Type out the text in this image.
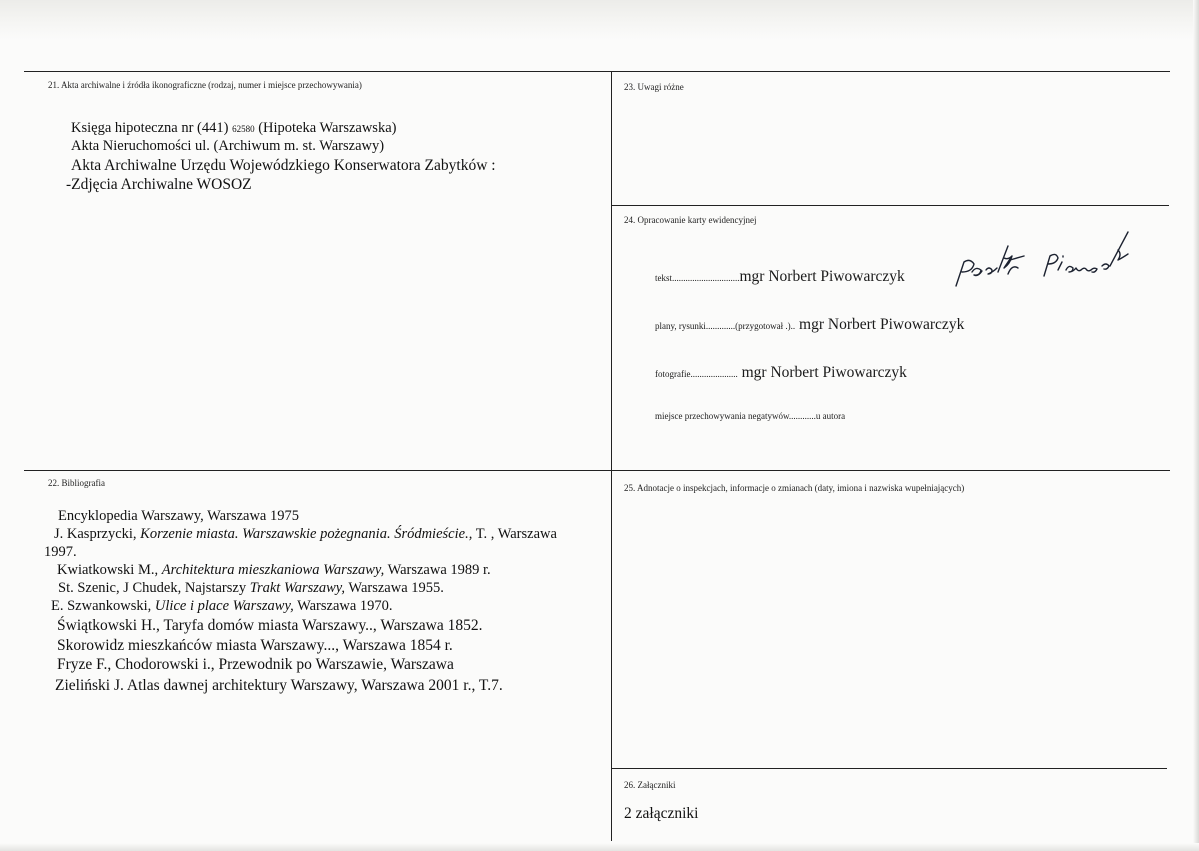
21. Akta archiwalne i źródła ikonograficzne (rodzaj, numer i miejsce przechowywania)
Księga hipoteczna nr (441) 62580 (Hipoteka Warszawska)
Akta Nieruchomości ul. (Archiwum m. st. Warszawy)
Akta Archiwalne Urzędu Wojewódzkiego Konserwatora Zabytków :
-Zdjęcia Archiwalne WOSOZ
22. Bibliografia
Encyklopedia Warszawy, Warszawa 1975
J. Kasprzycki, Korzenie miasta. Warszawskie pożegnania. Śródmieście., T. , Warszawa
1997.
Kwiatkowski M., Architektura mieszkaniowa Warszawy, Warszawa 1989 r.
St. Szenic, J Chudek, Najstarszy Trakt Warszawy, Warszawa 1955.
E. Szwankowski, Ulice i place Warszawy, Warszawa 1970.
Świątkowski H., Taryfa domów miasta Warszawy.., Warszawa 1852.
Skorowidz mieszkańców miasta Warszawy..., Warszawa 1854 r.
Fryze F., Chodorowski i., Przewodnik po Warszawie, Warszawa
Zieliński J. Atlas dawnej architektury Warszawy, Warszawa 2001 r., T.7.
23. Uwagi różne
24. Opracowanie karty ewidencyjnej
tekst..............................mgr Norbert Piwowarczyk
plany, rysunki.............(przygotował .).. mgr Norbert Piwowarczyk
fotografie..................... mgr Norbert Piwowarczyk
miejsce przechowywania negatywów............u autora
25. Adnotacje o inspekcjach, informacje o zmianach (daty, imiona i nazwiska wupełniających)
26. Załączniki
2 załączniki
